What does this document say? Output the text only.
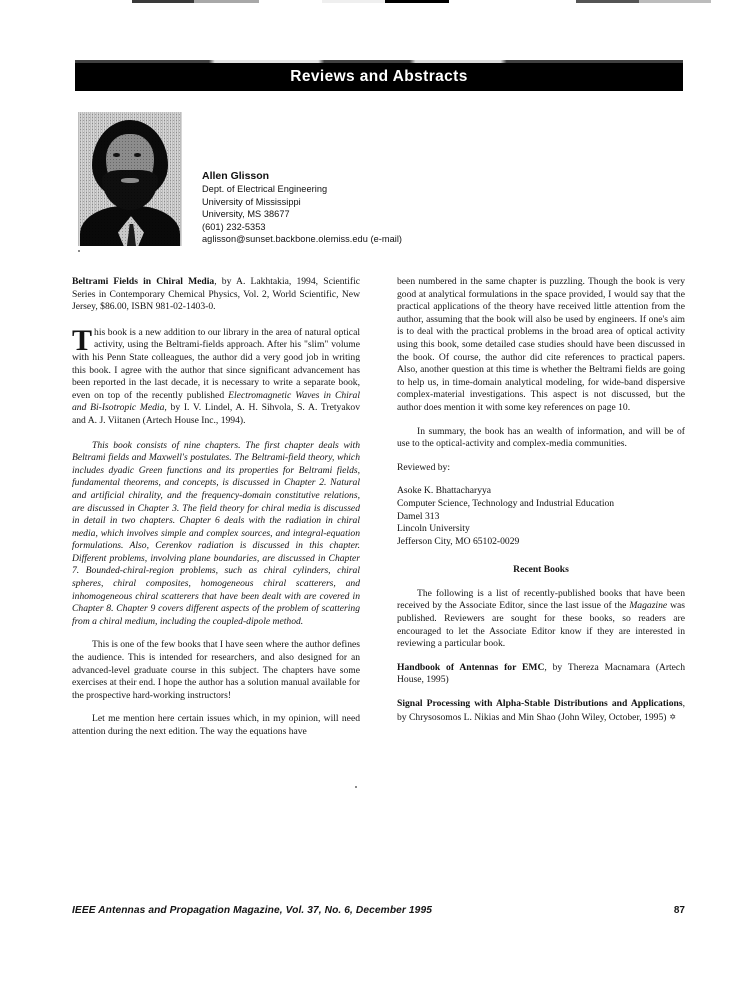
Reviews and Abstracts
Allen Glisson
Dept. of Electrical Engineering
University of Mississippi
University, MS 38677
(601) 232-5353
aglisson@sunset.backbone.olemiss.edu (e-mail)

Beltrami Fields in Chiral Media, by A. Lakhtakia, 1994, Scientific Series in Contemporary Chemical Physics, Vol. 2, World Scientific, New Jersey, $86.00, ISBN 981-02-1403-0.

This book is a new addition to our library in the area of natural optical activity, using the Beltrami-fields approach. After his "slim" volume with his Penn State colleagues, the author did a very good job in writing this book. I agree with the author that since significant advancement has been reported in the last decade, it is necessary to write a separate book, even on top of the recently published Electromagnetic Waves in Chiral and Bi-Isotropic Media, by I. V. Lindel, A. H. Sihvola, S. A. Tretyakov and A. J. Viitanen (Artech House Inc., 1994).

This book consists of nine chapters. The first chapter deals with Beltrami fields and Maxwell's postulates. The Beltrami-field theory, which includes dyadic Green functions and its properties for Beltrami fields, fundamental theorems, and concepts, is discussed in Chapter 2. Natural and artificial chirality, and the frequency-domain constitutive relations, are discussed in Chapter 3. The field theory for chiral media is discussed in detail in two chapters. Chapter 6 deals with the radiation in chiral media, which involves simple and complex sources, and integral-equation formulations. Also, Cerenkov radiation is discussed in this chapter. Different problems, involving plane boundaries, are discussed in Chapter 7. Bounded-chiral-region problems, such as chiral cylinders, chiral spheres, chiral composites, homogeneous chiral scatterers, and inhomogeneous chiral scatterers that have been dealt with are covered in Chapter 8. Chapter 9 covers different aspects of the problem of scattering from a chiral medium, including the coupled-dipole method.

This is one of the few books that I have seen where the author defines the audience. This is intended for researchers, and also designed for an advanced-level graduate course in this subject. The chapters have some exercises at their end. I hope the author has a solution manual available for the prospective hard-working instructors!

Let me mention here certain issues which, in my opinion, will need attention during the next edition. The way the equations have

been numbered in the same chapter is puzzling. Though the book is very good at analytical formulations in the space provided, I would say that the practical applications of the theory have received little attention from the author, assuming that the book will also be used by engineers. If one's aim is to deal with the practical problems in the broad area of optical activity using this book, some detailed case studies should have been discussed in the book. Of course, the author did cite references to practical papers. Also, another question at this time is whether the Beltrami fields are going to help us, in time-domain analytical modeling, for wide-band dispersive complex-material investigations. This aspect is not discussed, but the author does mention it with some key references on page 10.

In summary, the book has an wealth of information, and will be of use to the optical-activity and complex-media communities.

Reviewed by:

Asoke K. Bhattacharyya
Computer Science, Technology and Industrial Education
Damel 313
Lincoln University
Jefferson City, MO 65102-0029

Recent Books

The following is a list of recently-published books that have been received by the Associate Editor, since the last issue of the Magazine was published. Reviewers are sought for these books, so readers are encouraged to let the Associate Editor know if they are interested in reviewing a particular book.

Handbook of Antennas for EMC, by Thereza Macnamara (Artech House, 1995)

Signal Processing with Alpha-Stable Distributions and Applications, by Chrysosomos L. Nikias and Min Shao (John Wiley, October, 1995) ✡

IEEE Antennas and Propagation Magazine, Vol. 37, No. 6, December 1995	87
